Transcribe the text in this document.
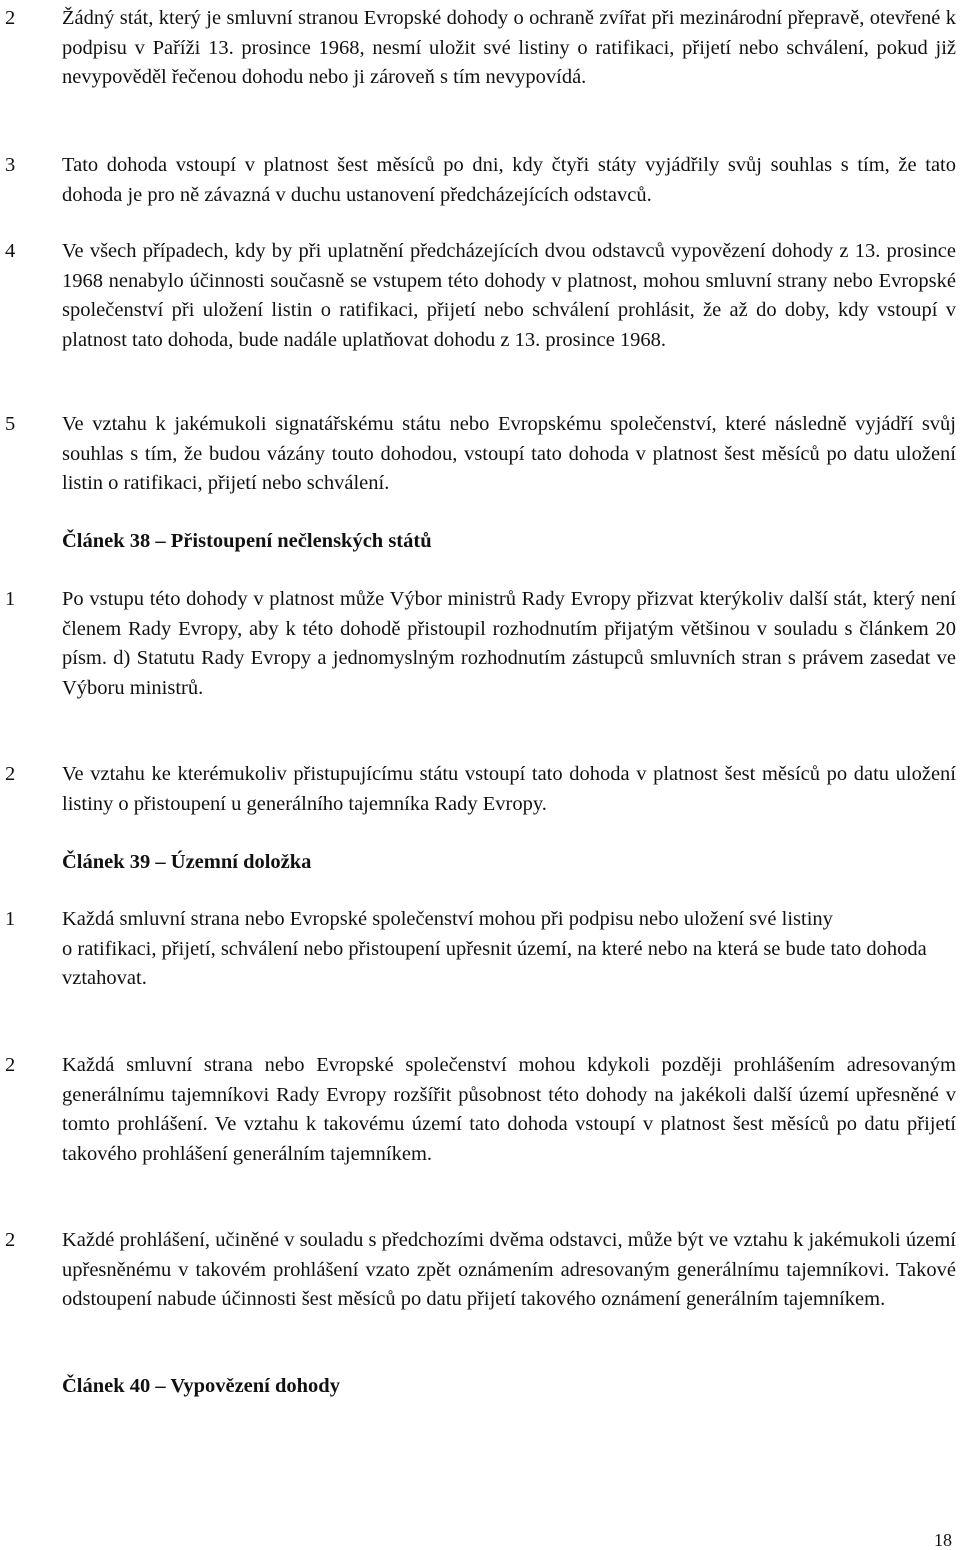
2 Žádný stát, který je smluvní stranou Evropské dohody o ochraně zvířat při mezinárodní přepravě, otevřené k podpisu v Paříži 13. prosince 1968, nesmí uložit své listiny o ratifikaci, přijetí nebo schválení, pokud již nevypověděl řečenou dohodu nebo ji zároveň s tím nevypovídá.
3 Tato dohoda vstoupí v platnost šest měsíců po dni, kdy čtyři státy vyjádřily svůj souhlas s tím, že tato dohoda je pro ně závazná v duchu ustanovení předcházejících odstavců.
4 Ve všech případech, kdy by při uplatnění předcházejících dvou odstavců vypovězení dohody z 13. prosince 1968 nenabylo účinnosti současně se vstupem této dohody v platnost, mohou smluvní strany nebo Evropské společenství při uložení listin o ratifikaci, přijetí nebo schválení prohlásit, že až do doby, kdy vstoupí v platnost tato dohoda, bude nadále uplatňovat dohodu z 13. prosince 1968.
5 Ve vztahu k jakémukoli signatářskému státu nebo Evropskému společenství, které následně vyjádří svůj souhlas s tím, že budou vázány touto dohodou, vstoupí tato dohoda v platnost šest měsíců po datu uložení listin o ratifikaci, přijetí nebo schválení.
Článek 38 – Přistoupení nečlenských států
1 Po vstupu této dohody v platnost může Výbor ministrů Rady Evropy přizvat kterýkoliv další stát, který není členem Rady Evropy, aby k této dohodě přistoupil rozhodnutím přijatým většinou v souladu s článkem 20 písm. d) Statutu Rady Evropy a jednomyslným rozhodnutím zástupců smluvních stran s právem zasedat ve Výboru ministrů.
2 Ve vztahu ke kterémukoliv přistupujícímu státu vstoupí tato dohoda v platnost šest měsíců po datu uložení listiny o přistoupení u generálního tajemníka Rady Evropy.
Článek 39 – Územní doložka
1 Každá smluvní strana nebo Evropské společenství mohou při podpisu nebo uložení své listiny
o ratifikaci, přijetí, schválení nebo přistoupení upřesnit území, na které nebo na která se bude tato dohoda vztahovat.
2 Každá smluvní strana nebo Evropské společenství mohou kdykoli později prohlášením adresovaným generálnímu tajemníkovi Rady Evropy rozšířit působnost této dohody na jakékoli další území upřesněné v tomto prohlášení. Ve vztahu k takovému území tato dohoda vstoupí v platnost šest měsíců po datu přijetí takového prohlášení generálním tajemníkem.
2 Každé prohlášení, učiněné v souladu s předchozími dvěma odstavci, může být ve vztahu k jakémukoli území upřesněnému v takovém prohlášení vzato zpět oznámením adresovaným generálnímu tajemníkovi. Takové odstoupení nabude účinnosti šest měsíců po datu přijetí takového oznámení generálním tajemníkem.
Článek 40 – Vypovězení dohody
18
